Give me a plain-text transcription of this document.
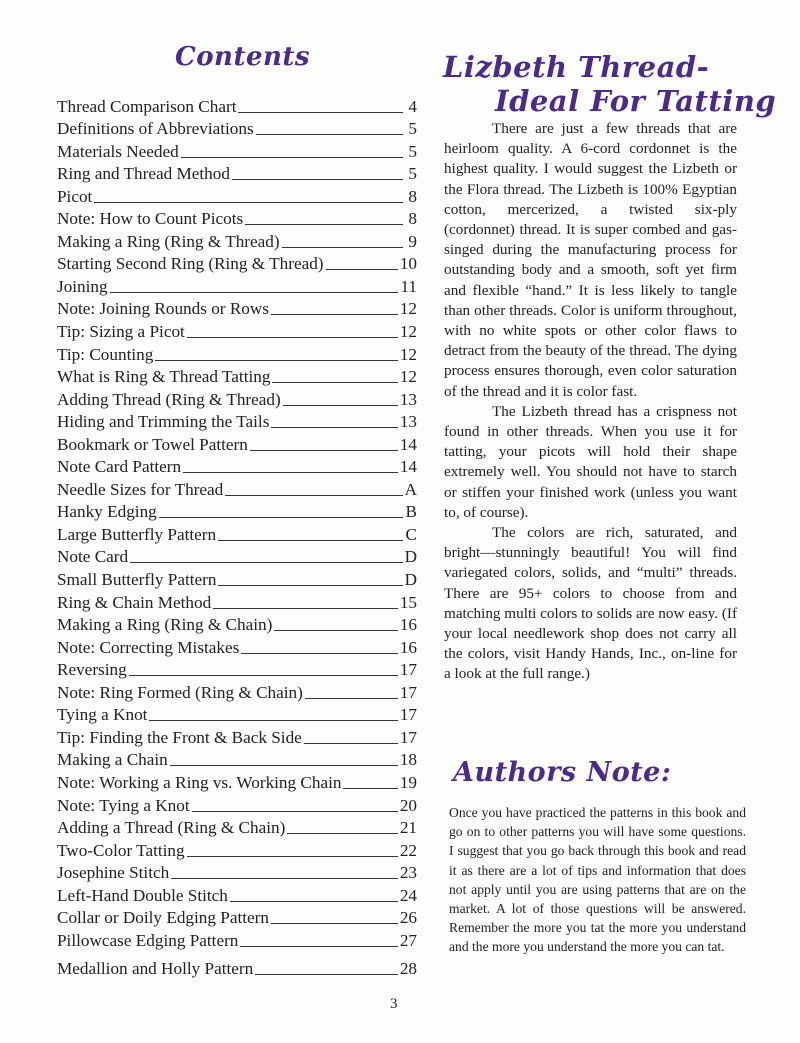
Contents
Thread Comparison Chart	4
Definitions of Abbreviations	5
Materials Needed	5
Ring and Thread Method	5
Picot	8
Note: How to Count Picots	8
Making a Ring (Ring & Thread)	9
Starting Second Ring (Ring & Thread)	10
Joining	11
Note: Joining Rounds or Rows	12
Tip: Sizing a Picot	12
Tip: Counting	12
What is Ring & Thread Tatting	12
Adding Thread (Ring & Thread)	13
Hiding and Trimming the Tails	13
Bookmark or Towel Pattern	14
Note Card Pattern	14
Needle Sizes for Thread	A
Hanky Edging	B
Large Butterfly Pattern	C
Note Card	D
Small Butterfly Pattern	D
Ring & Chain Method	15
Making a Ring (Ring & Chain)	16
Note: Correcting Mistakes	16
Reversing	17
Note: Ring Formed (Ring & Chain)	17
Tying a Knot	17
Tip: Finding the Front & Back Side	17
Making a Chain	18
Note: Working a Ring vs. Working Chain	19
Note: Tying a Knot	20
Adding a Thread (Ring & Chain)	21
Two-Color Tatting	22
Josephine Stitch	23
Left-Hand Double Stitch	24
Collar or Doily Edging Pattern	26
Pillowcase Edging Pattern	27
Medallion and Holly Pattern	28
Lizbeth Thread-
Ideal For Tatting

There are just a few threads that are heirloom quality. A 6-cord cordonnet is the highest quality. I would suggest the Lizbeth or the Flora thread. The Lizbeth is 100% Egyptian cotton, mercerized, a twisted six-ply (cordonnet) thread. It is super combed and gas-singed during the manufacturing process for outstanding body and a smooth, soft yet firm and flexible “hand.” It is less likely to tangle than other threads. Color is uniform throughout, with no white spots or other color flaws to detract from the beauty of the thread. The dying process ensures thorough, even color saturation of the thread and it is color fast.

The Lizbeth thread has a crispness not found in other threads. When you use it for tatting, your picots will hold their shape extremely well. You should not have to starch or stiffen your finished work (unless you want to, of course).

The colors are rich, saturated, and bright—stunningly beautiful! You will find variegated colors, solids, and “multi” threads. There are 95+ colors to choose from and matching multi colors to solids are now easy. (If your local needlework shop does not carry all the colors, visit Handy Hands, Inc., on-line for a look at the full range.)

Authors Note:

Once you have practiced the patterns in this book and go on to other patterns you will have some questions. I suggest that you go back through this book and read it as there are a lot of tips and information that does not apply until you are using patterns that are on the market. A lot of those questions will be answered. Remember the more you tat the more you understand and the more you understand the more you can tat.

3
